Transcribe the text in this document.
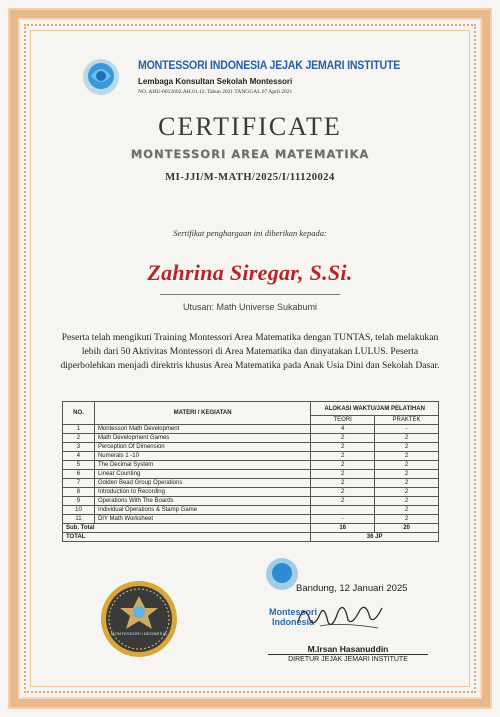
MONTESSORI INDONESIA JEJAK JEMARI INSTITUTE
Lembaga Konsultan Sekolah Montessori
NO. AHU-0012602.AH.01.12. Tahun 2021 TANGGAL 07 April 2021
CERTIFICATE
MONTESSORI AREA MATEMATIKA
MI-JJI/M-MATH/2025/I/11120024
Sertifikat penghargaan ini diberikan kepada:
Zahrina Siregar, S.Si.
Utusan: Math Universe Sukabumi
Peserta telah mengikuti Training Montessori Area Matematika dengan TUNTAS, telah melakukan lebih dari 50 Aktivitas Montessori di Area Matematika dan dinyatakan LULUS. Peserta diperbolehkan menjadi direktris khusus Area Matematika pada Anak Usia Dini dan Sekolah Dasar.
NO.	MATERI / KEGIATAN	ALOKASI WAKTU/JAM PELATIHAN	
		TEORI	PRAKTEK
1	Montessori Math Development	4	-
2	Math Development Games	2	2
3	Perception Of Dimension	2	2
4	Numerals 1 -10	2	2
5	The Decimal System	2	2
6	Linear Counting	2	2
7	Golden Bead Group Operations	2	2
8	Introduction to Recording	2	2
9	Operations With The Boards	2	2
10	Individual Operations & Stamp Game		2
11	DIY Math Worksheet	-	2
Sub. Total		16	20
TOTAL		36 JP	
MONTESSORI INDONESIA
Bandung, 12 Januari 2025
Montessori
Indonesia
M.Irsan Hasanuddin
DIRETUR JEJAK JEMARI INSTITUTE
